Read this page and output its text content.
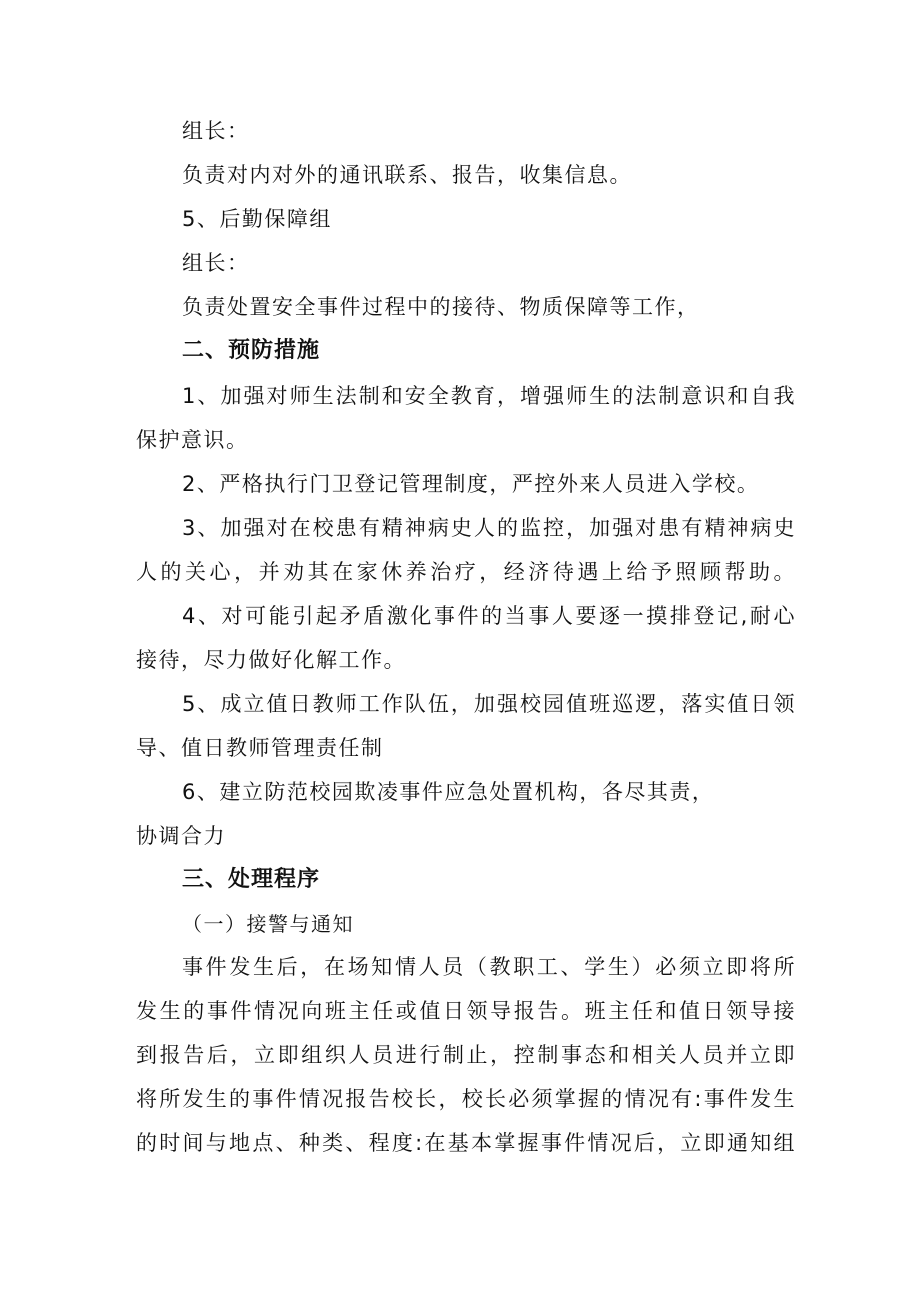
组长：
负责对内对外的通讯联系、报告，收集信息。
5、后勤保障组
组长：
负责处置安全事件过程中的接待、物质保障等工作，
二、预防措施
1、加强对师生法制和安全教育，增强师生的法制意识和自我
保护意识。
2、严格执行门卫登记管理制度，严控外来人员进入学校。
3、加强对在校患有精神病史人的监控，加强对患有精神病史
人的关心，并劝其在家休养治疗，经济待遇上给予照顾帮助。
4、对可能引起矛盾激化事件的当事人要逐一摸排登记,耐心
接待，尽力做好化解工作。
5、成立值日教师工作队伍，加强校园值班巡逻，落实值日领
导、值日教师管理责任制
6、建立防范校园欺凌事件应急处置机构，各尽其责，
协调合力
三、处理程序
（一）接警与通知
事件发生后，在场知情人员（教职工、学生）必须立即将所
发生的事件情况向班主任或值日领导报告。班主任和值日领导接
到报告后，立即组织人员进行制止，控制事态和相关人员并立即
将所发生的事件情况报告校长，校长必须掌握的情况有:事件发生
的时间与地点、种类、程度:在基本掌握事件情况后，立即通知组
